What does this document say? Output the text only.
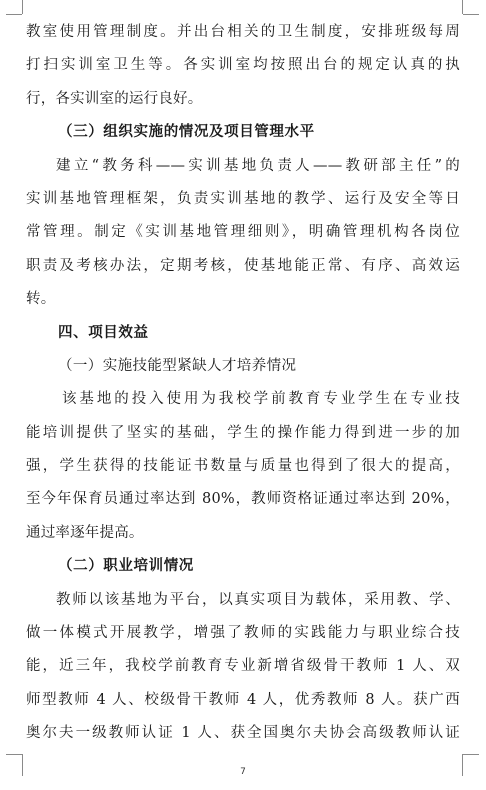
教室使用管理制度。并出台相关的卫生制度，安排班级每周
打扫实训室卫生等。各实训室均按照出台的规定认真的执
行，各实训室的运行良好。
（三）组织实施的情况及项目管理水平
建立“教务科——实训基地负责人——教研部主任”的
实训基地管理框架，负责实训基地的教学、运行及安全等日
常管理。制定《实训基地管理细则》，明确管理机构各岗位
职责及考核办法，定期考核，使基地能正常、有序、高效运
转。
四、项目效益
（一）实施技能型紧缺人才培养情况
该基地的投入使用为我校学前教育专业学生在专业技
能培训提供了坚实的基础，学生的操作能力得到进一步的加
强，学生获得的技能证书数量与质量也得到了很大的提高，
至今年保育员通过率达到 80%，教师资格证通过率达到 20%，
通过率逐年提高。
（二）职业培训情况
教师以该基地为平台，以真实项目为载体，采用教、学、
做一体模式开展教学，增强了教师的实践能力与职业综合技
能，近三年，我校学前教育专业新增省级骨干教师 1 人、双
师型教师 4 人、校级骨干教师 4 人，优秀教师 8 人。获广西
奥尔夫一级教师认证 1 人、获全国奥尔夫协会高级教师认证
7
